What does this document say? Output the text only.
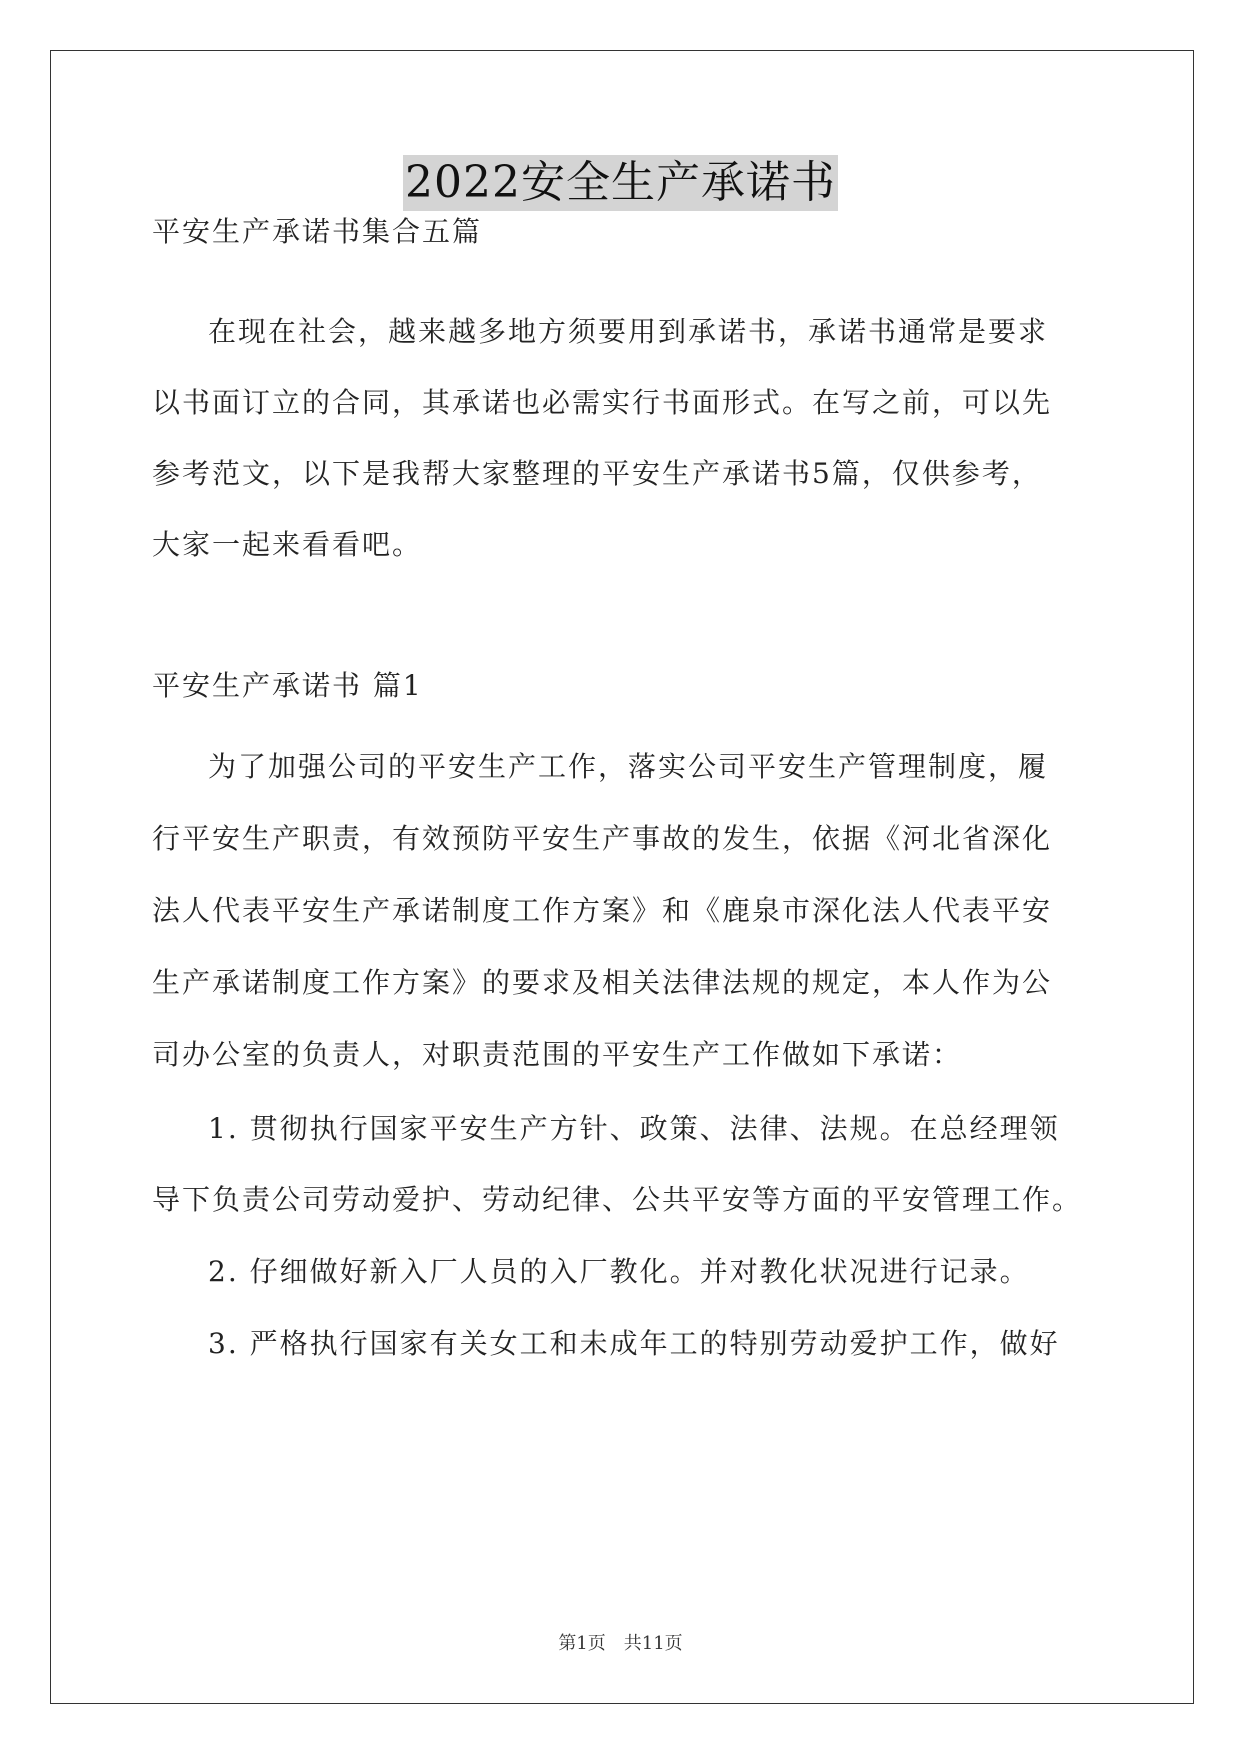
2022安全生产承诺书
平安生产承诺书集合五篇
在现在社会，越来越多地方须要用到承诺书，承诺书通常是要求
以书面订立的合同，其承诺也必需实行书面形式。在写之前，可以先
参考范文，以下是我帮大家整理的平安生产承诺书5篇，仅供参考，
大家一起来看看吧。
平安生产承诺书 篇1
为了加强公司的平安生产工作，落实公司平安生产管理制度，履
行平安生产职责，有效预防平安生产事故的发生，依据《河北省深化
法人代表平安生产承诺制度工作方案》和《鹿泉市深化法人代表平安
生产承诺制度工作方案》的要求及相关法律法规的规定，本人作为公
司办公室的负责人，对职责范围的平安生产工作做如下承诺：
1. 贯彻执行国家平安生产方针、政策、法律、法规。在总经理领
导下负责公司劳动爱护、劳动纪律、公共平安等方面的平安管理工作。
2. 仔细做好新入厂人员的入厂教化。并对教化状况进行记录。
3. 严格执行国家有关女工和未成年工的特别劳动爱护工作，做好
第1页 共11页
